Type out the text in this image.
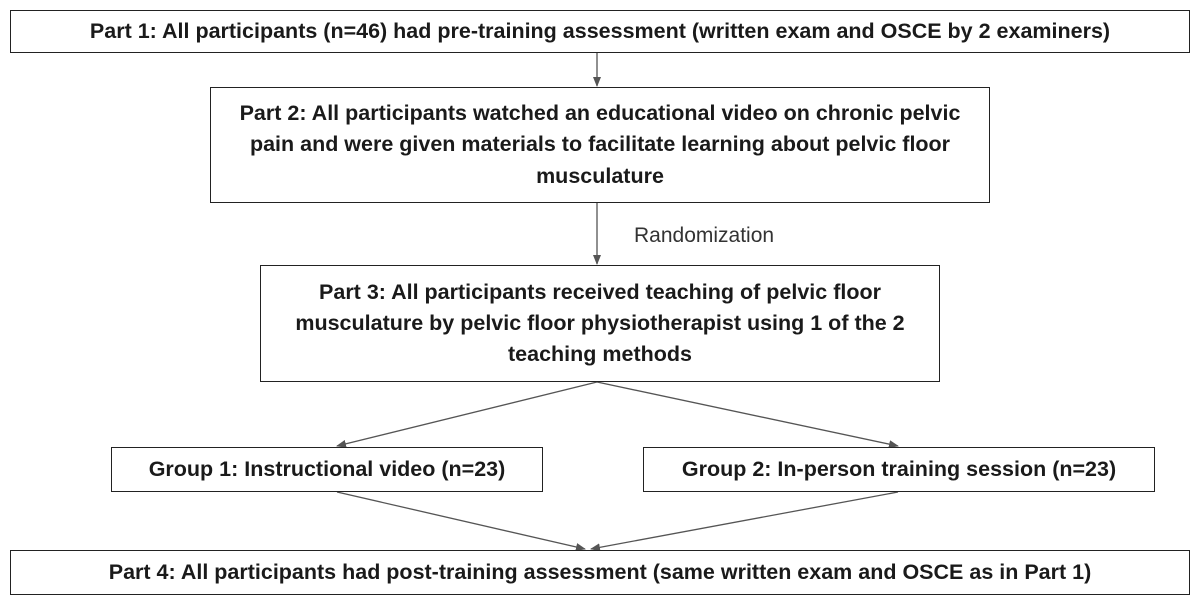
Part 1: All participants (n=46) had pre-training assessment (written exam and OSCE by 2 examiners)
Part 2: All participants watched an educational video on chronic pelvic pain and were given materials to facilitate learning about pelvic floor musculature
Randomization
Part 3: All participants received teaching of pelvic floor musculature by pelvic floor physiotherapist using 1 of the 2 teaching methods
Group 1: Instructional video (n=23)	Group 2: In-person training session (n=23)
Part 4: All participants had post-training assessment (same written exam and OSCE as in Part 1)
